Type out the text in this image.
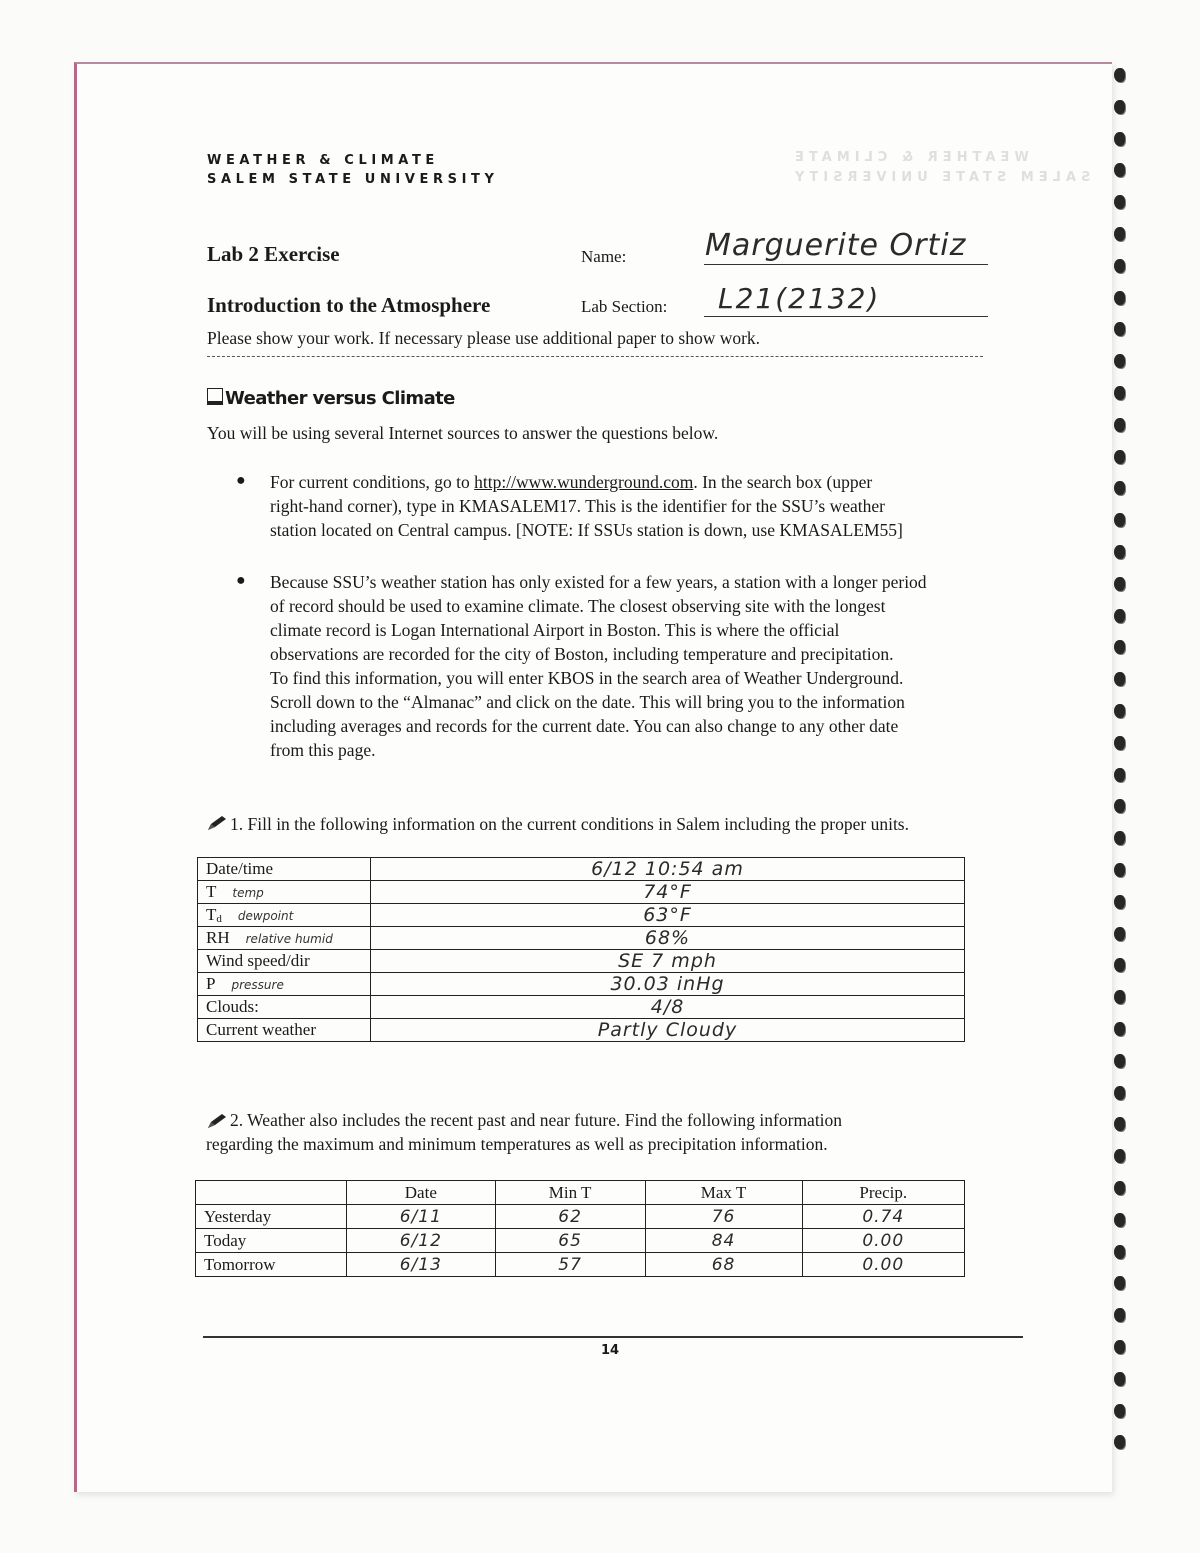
WEATHER & CLIMATE
SALEM STATE UNIVERSITY
WEATHER & CLIMATE
SALEM STATE UNIVERSITY
Lab 2 Exercise	Name:	Marguerite Ortiz
Introduction to the Atmosphere	Lab Section: L21(2132)
Please show your work. If necessary please use additional paper to show work.
Weather versus Climate
You will be using several Internet sources to answer the questions below.
● For current conditions, go to http://www.wunderground.com. In the search box (upper
right-hand corner), type in KMASALEM17. This is the identifier for the SSU’s weather
station located on Central campus. [NOTE: If SSUs station is down, use KMASALEM55]
● Because SSU’s weather station has only existed for a few years, a station with a longer period
of record should be used to examine climate. The closest observing site with the longest
climate record is Logan International Airport in Boston. This is where the official
observations are recorded for the city of Boston, including temperature and precipitation.
To find this information, you will enter KBOS in the search area of Weather Underground.
Scroll down to the “Almanac” and click on the date. This will bring you to the information
including averages and records for the current date. You can also change to any other date
from this page.
1. Fill in the following information on the current conditions in Salem including the proper units.
Date/time	6/12 10:54 am
T temp	74°F
Td dewpoint	63°F
RH relative humid	68%
Wind speed/dir	SE 7 mph
P pressure	30.03 inHg
Clouds:	4/8
Current weather	Partly Cloudy
2. Weather also includes the recent past and near future. Find the following information
regarding the maximum and minimum temperatures as well as precipitation information.
	Date	Min T	Max T	Precip.
Yesterday	6/11	62	76	0.74
Today	6/12	65	84	0.00
Tomorrow	6/13	57	68	0.00
14
